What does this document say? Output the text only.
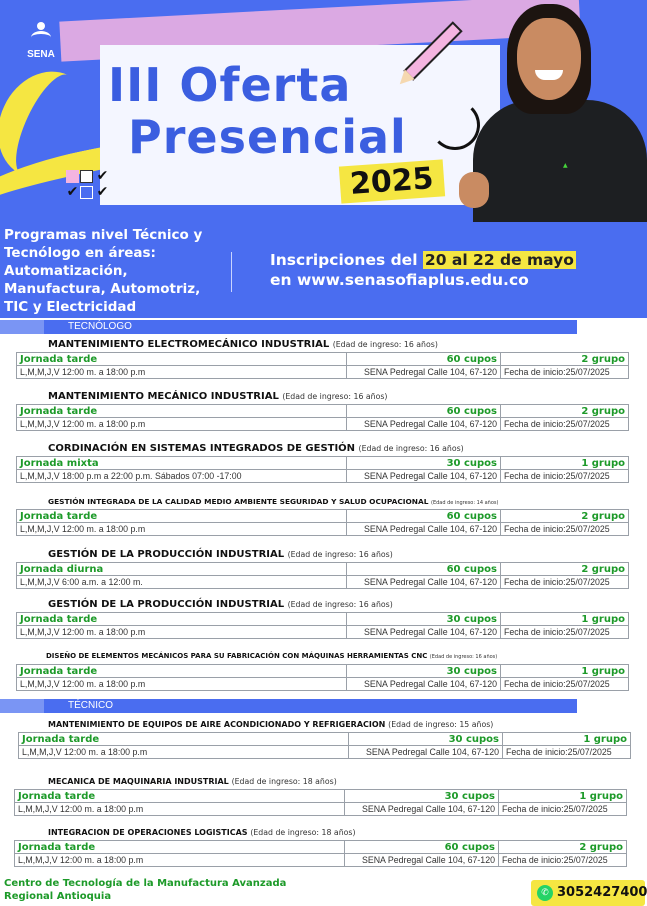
SENA
III Oferta
Presencial
2025
✔
✔ ✔
▲
Programas nivel Técnico y
Tecnólogo en áreas:
Automatización,
Manufactura, Automotriz,
TIC y Electricidad
Inscripciones del 20 al 22 de mayo
en www.senasofiaplus.edu.co
TECNÓLOGO
MANTENIMIENTO ELECTROMECÁNICO INDUSTRIAL (Edad de ingreso: 16 años)
Jornada tarde	60 cupos	2 grupo
L,M,M,J,V 12:00 m. a 18:00 p.m	SENA Pedregal Calle 104, 67-120	Fecha de inicio:25/07/2025
MANTENIMIENTO MECÁNICO INDUSTRIAL (Edad de ingreso: 16 años)
Jornada tarde	60 cupos	2 grupo
L,M,M,J,V 12:00 m. a 18:00 p.m	SENA Pedregal Calle 104, 67-120	Fecha de inicio:25/07/2025
CORDINACIÓN EN SISTEMAS INTEGRADOS DE GESTIÓN (Edad de ingreso: 16 años)
Jornada mixta	30 cupos	1 grupo
L,M,M,J,V 18:00 p.m a 22:00 p.m. Sábados 07:00 -17:00	SENA Pedregal Calle 104, 67-120	Fecha de inicio:25/07/2025
GESTIÓN INTEGRADA DE LA CALIDAD MEDIO AMBIENTE SEGURIDAD Y SALUD OCUPACIONAL (Edad de ingreso: 14 años)
Jornada tarde	60 cupos	2 grupo
L,M,M,J,V 12:00 m. a 18:00 p.m	SENA Pedregal Calle 104, 67-120	Fecha de inicio:25/07/2025
GESTIÓN DE LA PRODUCCIÓN INDUSTRIAL (Edad de ingreso: 16 años)
Jornada diurna	60 cupos	2 grupo
L,M,M,J,V 6:00 a.m. a 12:00 m.	SENA Pedregal Calle 104, 67-120	Fecha de inicio:25/07/2025
GESTIÓN DE LA PRODUCCIÓN INDUSTRIAL (Edad de ingreso: 16 años)
Jornada tarde	30 cupos	1 grupo
L,M,M,J,V 12:00 m. a 18:00 p.m	SENA Pedregal Calle 104, 67-120	Fecha de inicio:25/07/2025
DISEÑO DE ELEMENTOS MECÁNICOS PARA SU FABRICACIÓN CON MÁQUINAS HERRAMIENTAS CNC (Edad de ingreso: 16 años)
Jornada tarde	30 cupos	1 grupo
L,M,M,J,V 12:00 m. a 18:00 p.m	SENA Pedregal Calle 104, 67-120	Fecha de inicio:25/07/2025
MANTENIMIENTO DE EQUIPOS DE AIRE ACONDICIONADO Y REFRIGERACION (Edad de ingreso: 15 años)
Jornada tarde	30 cupos	1 grupo
L,M,M,J,V 12:00 m. a 18:00 p.m	SENA Pedregal Calle 104, 67-120	Fecha de inicio:25/07/2025
MECANICA DE MAQUINARIA INDUSTRIAL (Edad de ingreso: 18 años)
Jornada tarde	30 cupos	1 grupo
L,M,M,J,V 12:00 m. a 18:00 p.m	SENA Pedregal Calle 104, 67-120	Fecha de inicio:25/07/2025
INTEGRACION DE OPERACIONES LOGISTICAS (Edad de ingreso: 18 años)
Jornada tarde	60 cupos	2 grupo
L,M,M,J,V 12:00 m. a 18:00 p.m	SENA Pedregal Calle 104, 67-120	Fecha de inicio:25/07/2025
TÉCNICO
Centro de Tecnología de la Manufactura Avanzada
Regional Antioquia	✆ 3052427400
